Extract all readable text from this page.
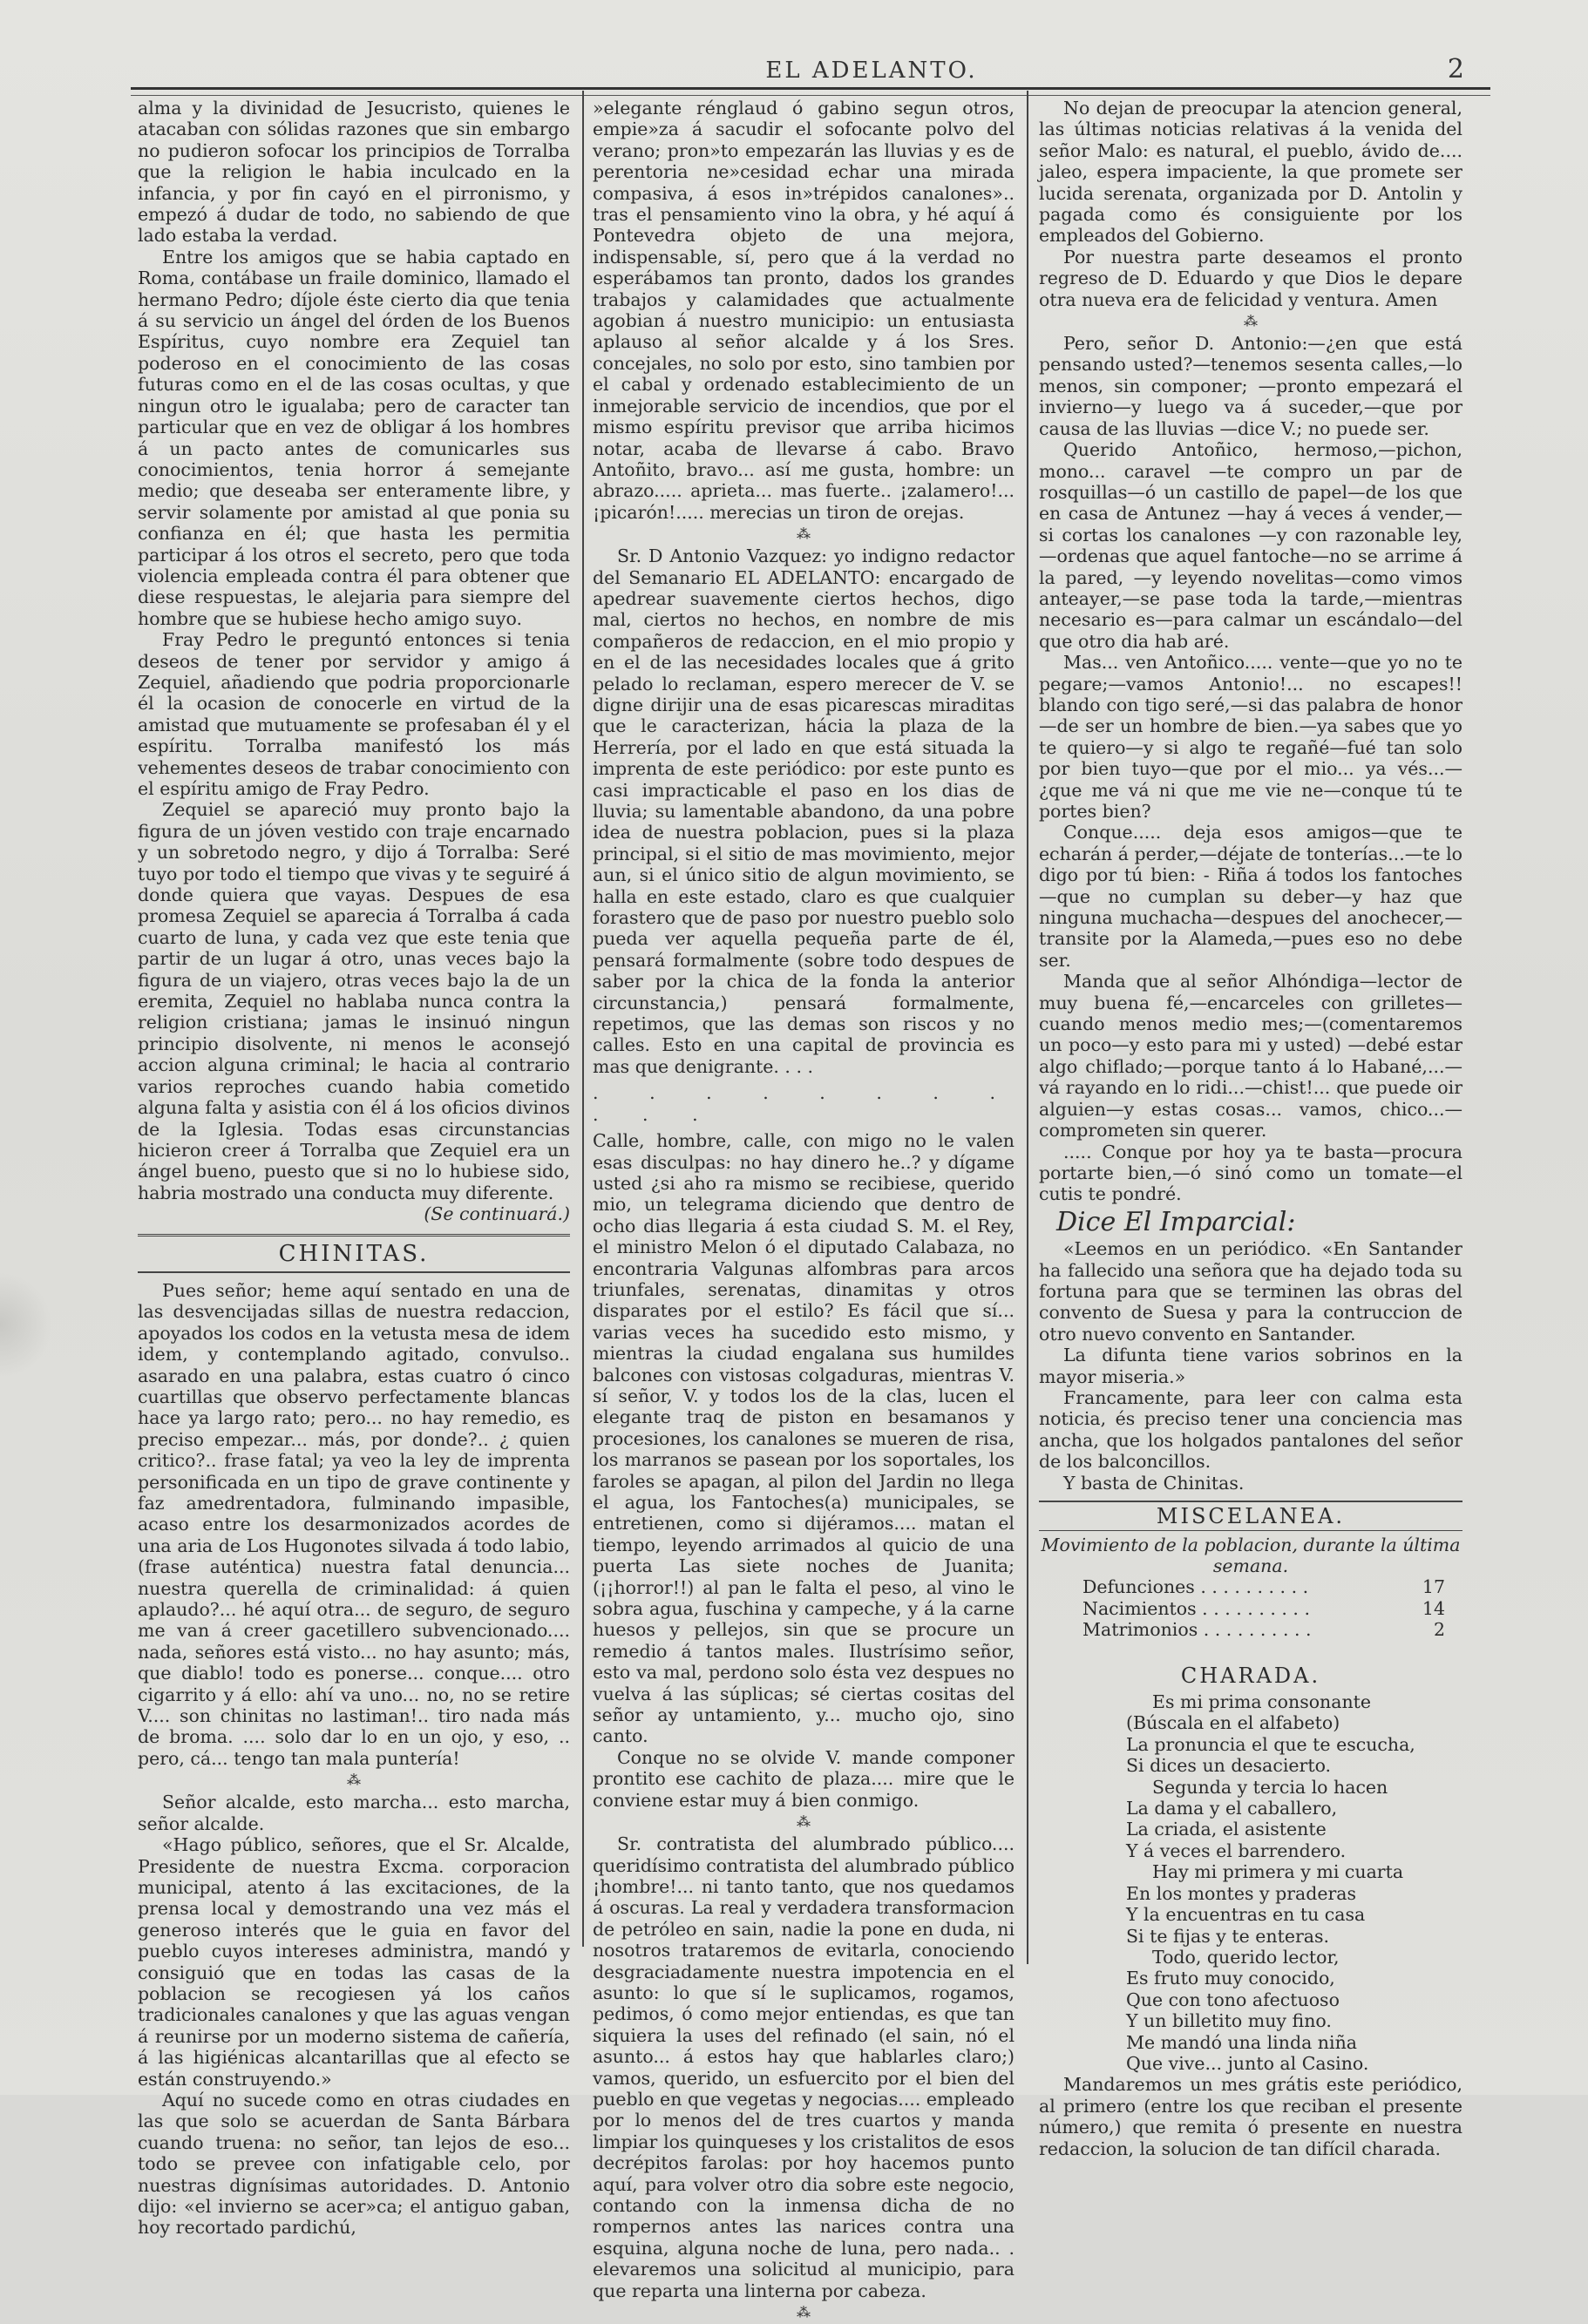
EL ADELANTO.	2

alma y la divinidad de Jesucristo, quienes le atacaban con sólidas razones que sin embargo no pudieron sofocar los principios de Torralba que la religion le habia inculcado en la infancia, y por fin cayó en el pirronismo, y empezó á dudar de todo, no sabiendo de que lado estaba la verdad.

Entre los amigos que se habia captado en Roma, contábase un fraile dominico, llamado el hermano Pedro; díjole éste cierto dia que tenia á su servicio un ángel del órden de los Buenos Espíritus, cuyo nombre era Zequiel tan poderoso en el conocimiento de las cosas futuras como en el de las cosas ocultas, y que ningun otro le igualaba; pero de caracter tan particular que en vez de obligar á los hombres á un pacto antes de comunicarles sus conocimientos, tenia horror á semejante medio; que deseaba ser enteramente libre, y servir solamente por amistad al que ponia su confianza en él; que hasta les permitia participar á los otros el secreto, pero que toda violencia empleada contra él para obtener que diese respuestas, le alejaria para siempre del hombre que se hubiese hecho amigo suyo.

Fray Pedro le preguntó entonces si tenia deseos de tener por servidor y amigo á Zequiel, añadiendo que podria proporcionarle él la ocasion de conocerle en virtud de la amistad que mutuamente se profesaban él y el espíritu. Torralba manifestó los más vehementes deseos de trabar conocimiento con el espíritu amigo de Fray Pedro.

Zequiel se apareció muy pronto bajo la figura de un jóven vestido con traje encarnado y un sobretodo negro, y dijo á Torralba: Seré tuyo por todo el tiempo que vivas y te seguiré á donde quiera que vayas. Despues de esa promesa Zequiel se aparecia á Torralba á cada cuarto de luna, y cada vez que este tenia que partir de un lugar á otro, unas veces bajo la figura de un viajero, otras veces bajo la de un eremita, Zequiel no hablaba nunca contra la religion cristiana; jamas le insinuó ningun principio disolvente, ni menos le aconsejó accion alguna criminal; le hacia al contrario varios reproches cuando habia cometido alguna falta y asistia con él á los oficios divinos de la Iglesia. Todas esas circunstancias hicieron creer á Torralba que Zequiel era un ángel bueno, puesto que si no lo hubiese sido, habria mostrado una conducta muy diferente.

(Se continuará.)

CHINITAS.

Pues señor; heme aquí sentado en una de las desvencijadas sillas de nuestra redaccion, apoyados los codos en la vetusta mesa de idem idem, y contemplando agitado, convulso.. asarado en una palabra, estas cuatro ó cinco cuartillas que observo perfectamente blancas hace ya largo rato; pero... no hay remedio, es preciso empezar... más, por donde?.. ¿ quien critico?.. frase fatal; ya veo la ley de imprenta personificada en un tipo de grave continente y faz amedrentadora, fulminando impasible, acaso entre los desarmonizados acordes de una aria de Los Hugonotes silvada á todo labio, (frase auténtica) nuestra fatal denuncia... nuestra querella de criminalidad: á quien aplaudo?... hé aquí otra... de seguro, de seguro me van á creer gacetillero subvencionado.... nada, señores está visto... no hay asunto; más, que diablo! todo es ponerse... conque.... otro cigarrito y á ello: ahí va uno... no, no se retire V.... son chinitas no lastiman!.. tiro nada más de broma. .... solo dar lo en un ojo, y eso, .. pero, cá... tengo tan mala puntería!

⁂

Señor alcalde, esto marcha... esto marcha, señor alcalde.

«Hago público, señores, que el Sr. Alcalde, Presidente de nuestra Excma. corporacion municipal, atento á las excitaciones, de la prensa local y demostrando una vez más el generoso interés que le guia en favor del pueblo cuyos intereses administra, mandó y consiguió que en todas las casas de la poblacion se recogiesen yá los caños tradicionales canalones y que las aguas vengan á reunirse por un moderno sistema de cañería, á las higiénicas alcantarillas que al efecto se están construyendo.»

Aquí no sucede como en otras ciudades en las que solo se acuerdan de Santa Bárbara cuando truena: no señor, tan lejos de eso... todo se prevee con infatigable celo, por nuestras dignísimas autoridades. D. Antonio dijo: «el invierno se acer»ca; el antiguo gaban, hoy recortado pardichú,

»elegante rénglaud ó gabino segun otros, empie»za á sacudir el sofocante polvo del verano; pron»to empezarán las lluvias y es de perentoria ne»cesidad echar una mirada compasiva, á esos in»trépidos canalones».. tras el pensamiento vino la obra, y hé aquí á Pontevedra objeto de una mejora, indispensable, sí, pero que á la verdad no esperábamos tan pronto, dados los grandes trabajos y calamidades que actualmente agobian á nuestro municipio: un entusiasta aplauso al señor alcalde y á los Sres. concejales, no solo por esto, sino tambien por el cabal y ordenado establecimiento de un inmejorable servicio de incendios, que por el mismo espíritu previsor que arriba hicimos notar, acaba de llevarse á cabo. Bravo Antoñito, bravo... así me gusta, hombre: un abrazo..... aprieta... mas fuerte.. ¡zalamero!... ¡picarón!..... merecias un tiron de orejas.

⁂

Sr. D Antonio Vazquez: yo indigno redactor del Semanario EL ADELANTO: encargado de apedrear suavemente ciertos hechos, digo mal, ciertos no hechos, en nombre de mis compañeros de redaccion, en el mio propio y en el de las necesidades locales que á grito pelado lo reclaman, espero merecer de V. se digne dirijir una de esas picarescas miraditas que le caracterizan, hácia la plaza de la Herrería, por el lado en que está situada la imprenta de este periódico: por este punto es casi impracticable el paso en los dias de lluvia; su lamentable abandono, da una pobre idea de nuestra poblacion, pues si la plaza principal, si el sitio de mas movimiento, mejor aun, si el único sitio de algun movimiento, se halla en este estado, claro es que cualquier forastero que de paso por nuestro pueblo solo pueda ver aquella pequeña parte de él, pensará formalmente (sobre todo despues de saber por la chica de la fonda la anterior circunstancia,) pensará formalmente, repetimos, que las demas son riscos y no calles. Esto en una capital de provincia es mas que denigrante. . . .

. . . . . . . . . . .

Calle, hombre, calle, con migo no le valen esas disculpas: no hay dinero he..? y dígame usted ¿si aho ra mismo se recibiese, querido mio, un telegrama diciendo que dentro de ocho dias llegaria á esta ciudad S. M. el Rey, el ministro Melon ó el diputado Calabaza, no encontraria Valgunas alfombras para arcos triunfales, serenatas, dinamitas y otros disparates por el estilo? Es fácil que sí... varias veces ha sucedido esto mismo, y mientras la ciudad engalana sus humildes balcones con vistosas colgaduras, mientras V. sí señor, V. y todos los de la clas, lucen el elegante traq de piston en besamanos y procesiones, los canalones se mueren de risa, los marranos se pasean por los soportales, los faroles se apagan, al pilon del Jardin no llega el agua, los Fantoches(a) municipales, se entretienen, como si dijéramos.... matan el tiempo, leyendo arrimados al quicio de una puerta Las siete noches de Juanita; (¡¡horror!!) al pan le falta el peso, al vino le sobra agua, fuschina y campeche, y á la carne huesos y pellejos, sin que se procure un remedio á tantos males. Ilustrísimo señor, esto va mal, perdono solo ésta vez despues no vuelva á las súplicas; sé ciertas cositas del señor ay untamiento, y... mucho ojo, sino canto.

Conque no se olvide V. mande componer prontito ese cachito de plaza.... mire que le conviene estar muy á bien conmigo.

⁂

Sr. contratista del alumbrado público.... queridísimo contratista del alumbrado público ¡hombre!... ni tanto tanto, que nos quedamos á oscuras. La real y verdadera transformacion de petróleo en sain, nadie la pone en duda, ni nosotros trataremos de evitarla, conociendo desgraciadamente nuestra impotencia en el asunto: lo que sí le suplicamos, rogamos, pedimos, ó como mejor entiendas, es que tan siquiera la uses del refinado (el sain, nó el asunto... á estos hay que hablarles claro;) vamos, querido, un esfuercito por el bien del pueblo en que vegetas y negocias.... empleado por lo menos del de tres cuartos y manda limpiar los quinqueses y los cristalitos de esos decrépitos farolas: por hoy hacemos punto aquí, para volver otro dia sobre este negocio, contando con la inmensa dicha de no rompernos antes las narices contra una esquina, alguna noche de luna, pero nada.. . elevaremos una solicitud al municipio, para que reparta una linterna por cabeza.

⁂

No dejan de preocupar la atencion general, las últimas noticias relativas á la venida del señor Malo: es natural, el pueblo, ávido de.... jaleo, espera impaciente, la que promete ser lucida serenata, organizada por D. Antolin y pagada como és consiguiente por los empleados del Gobierno.

Por nuestra parte deseamos el pronto regreso de D. Eduardo y que Dios le depare otra nueva era de felicidad y ventura. Amen

⁂

Pero, señor D. Antonio:—¿en que está pensando usted?—tenemos sesenta calles,—lo menos, sin componer; —pronto empezará el invierno—y luego va á suceder,—que por causa de las lluvias —dice V.; no puede ser.

Querido Antoñico, hermoso,—pichon, mono... caravel —te compro un par de rosquillas—ó un castillo de papel—de los que en casa de Antunez —hay á veces á vender,—si cortas los canalones —y con razonable ley,—ordenas que aquel fantoche—no se arrime á la pared, —y leyendo novelitas—como vimos anteayer,—se pase toda la tarde,—mientras necesario es—para calmar un escándalo—del que otro dia hab aré.

Mas... ven Antoñico..... vente—que yo no te pegare;—vamos Antonio!... no escapes!! blando con tigo seré,—si das palabra de honor—de ser un hombre de bien.—ya sabes que yo te quiero—y si algo te regañé—fué tan solo por bien tuyo—que por el mio... ya vés...—¿que me vá ni que me vie ne—conque tú te portes bien?

Conque..... deja esos amigos—que te echarán á perder,—déjate de tonterías...—te lo digo por tú bien: - Riña á todos los fantoches—que no cumplan su deber—y haz que ninguna muchacha—despues del anochecer,—transite por la Alameda,—pues eso no debe ser.

Manda que al señor Alhóndiga—lector de muy buena fé,—encarceles con grilletes—cuando menos medio mes;—(comentaremos un poco—y esto para mi y usted) —debé estar algo chiflado;—porque tanto á lo Habané,...—vá rayando en lo ridi...—chist!... que puede oir alguien—y estas cosas... vamos, chico...—comprometen sin querer.

..... Conque por hoy ya te basta—procura portarte bien,—ó sinó como un tomate—el cutis te pondré.

Dice El Imparcial:

«Leemos en un periódico. «En Santander ha fallecido una señora que ha dejado toda su fortuna para que se terminen las obras del convento de Suesa y para la contruccion de otro nuevo convento en Santander.

La difunta tiene varios sobrinos en la mayor miseria.»

Francamente, para leer con calma esta noticia, és preciso tener una conciencia mas ancha, que los holgados pantalones del señor de los balconcillos.

Y basta de Chinitas.

MISCELANEA.
Movimiento de la poblacion, durante la última semana.
Defunciones . . .	17
Nacimientos . . .	14
Matrimonios . . .	2
CHARADA.

Es mi prima consonante

(Búscala en el alfabeto)

La pronuncia el que te escucha,

Si dices un desacierto.

Segunda y tercia lo hacen

La dama y el caballero,

La criada, el asistente

Y á veces el barrendero.

Hay mi primera y mi cuarta

En los montes y praderas

Y la encuentras en tu casa

Si te fijas y te enteras.

Todo, querido lector,

Es fruto muy conocido,

Que con tono afectuoso

Y un billetito muy fino.

Me mandó una linda niña

Que vive... junto al Casino.

Mandaremos un mes grátis este periódico, al primero (entre los que reciban el presente número,) que remita ó presente en nuestra redaccion, la solucion de tan difícil charada.
